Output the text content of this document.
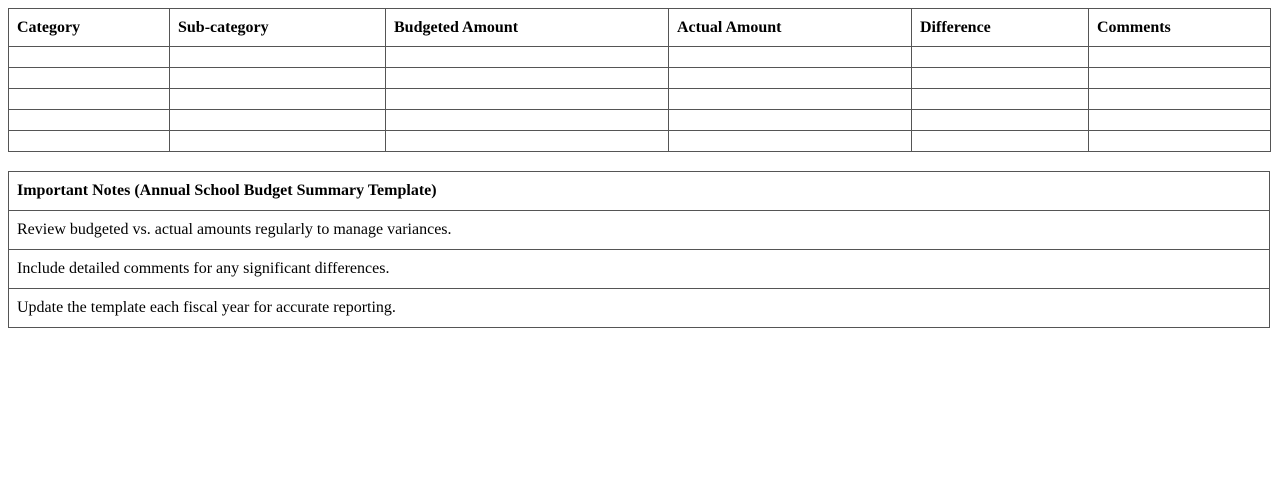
Category	Sub-category	Budgeted Amount	Actual Amount	Difference	Comments

Important Notes (Annual School Budget Summary Template)
Review budgeted vs. actual amounts regularly to manage variances.
Include detailed comments for any significant differences.
Update the template each fiscal year for accurate reporting.
